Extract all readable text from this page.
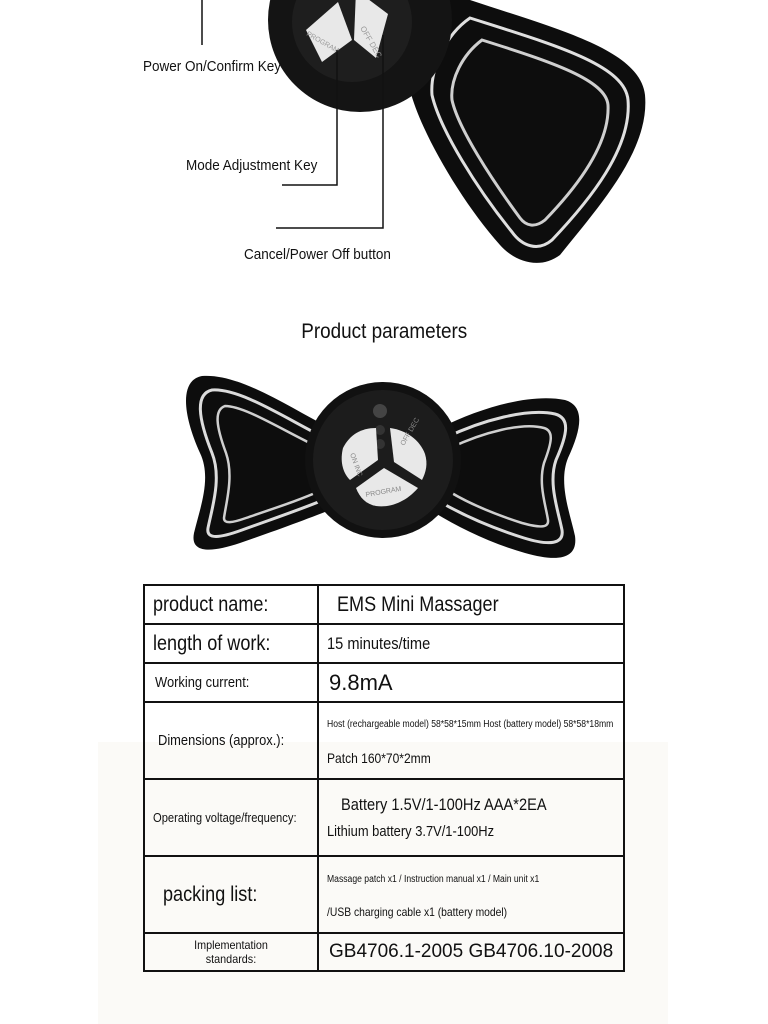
OFF DEC
PROGRAM
Power On/Confirm Key
Mode Adjustment Key
Cancel/Power Off button
Product parameters
ON INC
OFF DEC
PROGRAM
product name:	EMS Mini Massager
length of work:	15 minutes/time
Working current:	9.8mA
Dimensions (approx.):	Host (rechargeable model) 58*58*15mm Host (battery model) 58*58*18mm
Patch 160*70*2mm

Operating voltage/frequency:	Battery 1.5V/1-100Hz AAA*2EA
Lithium battery 3.7V/1-100Hz

packing list:	Massage patch x1 / Instruction manual x1 / Main unit x1
/USB charging cable x1 (battery model)

Implementation
standards:	GB4706.1-2005 GB4706.10-2008
